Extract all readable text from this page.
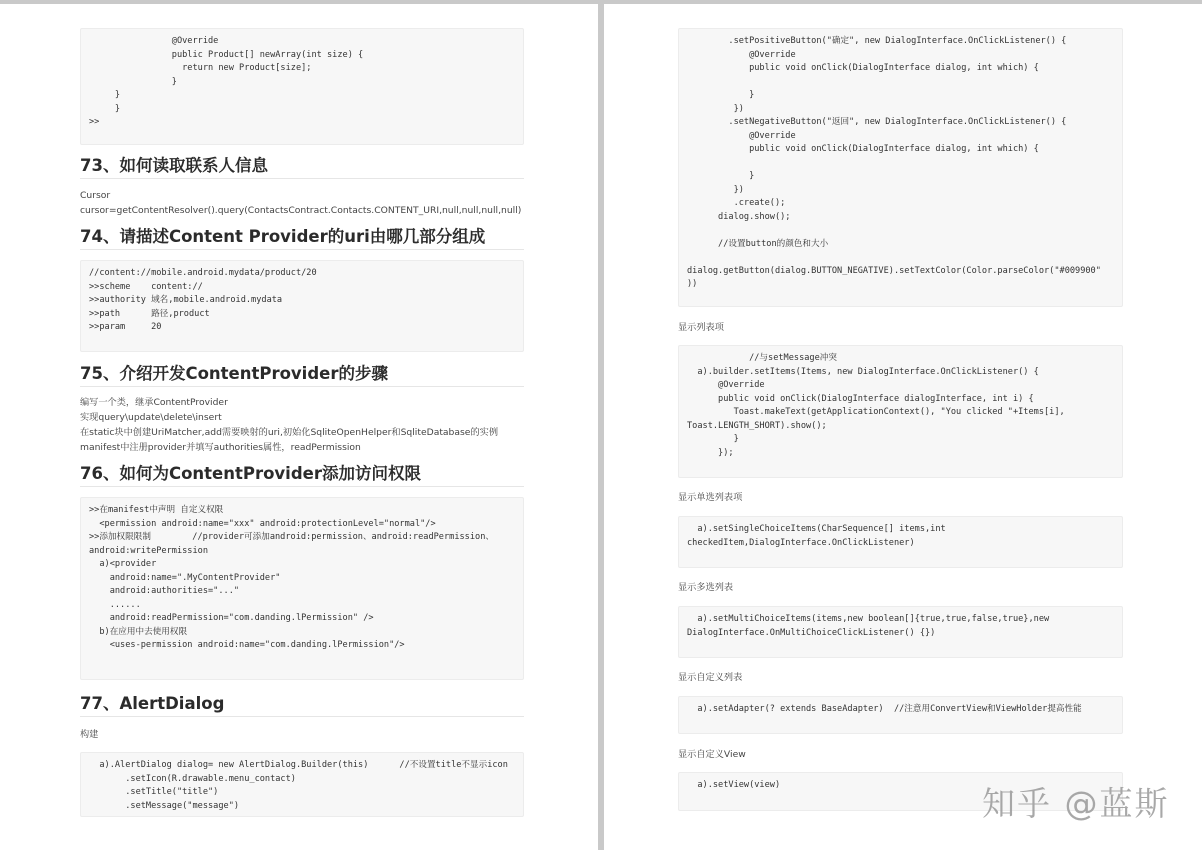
@Override
public Product[] newArray(int size) {
return new Product[size];
}
}
}
>>
73、如何读取联系人信息
Cursor
cursor=getContentResolver().query(ContactsContract.Contacts.CONTENT_URI,null,null,null,null)
74、请描述Content Provider的uri由哪几部分组成
//content://mobile.android.mydata/product/20
>>scheme    content://
>>authority 域名,mobile.android.mydata
>>path      路径,product
>>param     20
75、介绍开发ContentProvider的步骤
编写一个类，继承ContentProvider
实现query\update\delete\insert
在static块中创建UriMatcher,add需要映射的uri,初始化SqliteOpenHelper和SqliteDatabase的实例
manifest中注册provider并填写authorities属性，readPermission
76、如何为ContentProvider添加访问权限
>>在manifest中声明 自定义权限
<permission android:name="xxx" android:protectionLevel="normal"/>
>>添加权限限制        //provider可添加android:permission、android:readPermission、
android:writePermission
a)<provider
android:name=".MyContentProvider"
android:authorities="..."
......
android:readPermission="com.danding.lPermission" />
b)在应用中去使用权限
<uses-permission android:name="com.danding.lPermission"/>
77、AlertDialog
构建
a).AlertDialog dialog= new AlertDialog.Builder(this)      //不设置title不显示icon
.setIcon(R.drawable.menu_contact)
.setTitle("title")
.setMessage("message")
.setPositiveButton("确定", new DialogInterface.OnClickListener() {
@Override
public void onClick(DialogInterface dialog, int which) {
}
})
.setNegativeButton("返回", new DialogInterface.OnClickListener() {
@Override
public void onClick(DialogInterface dialog, int which) {
}
})
.create();
dialog.show();
//设置button的颜色和大小
dialog.getButton(dialog.BUTTON_NEGATIVE).setTextColor(Color.parseColor("#009900"
))
显示列表项
//与setMessage冲突
a).builder.setItems(Items, new DialogInterface.OnClickListener() {
@Override
public void onClick(DialogInterface dialogInterface, int i) {
Toast.makeText(getApplicationContext(), "You clicked "+Items[i],
Toast.LENGTH_SHORT).show();
}
});
显示单选列表项
a).setSingleChoiceItems(CharSequence[] items,int
checkedItem,DialogInterface.OnClickListener)
显示多选列表
a).setMultiChoiceItems(items,new boolean[]{true,true,false,true},new
DialogInterface.OnMultiChoiceClickListener() {})
显示自定义列表
a).setAdapter(? extends BaseAdapter)  //注意用ConvertView和ViewHolder提高性能
显示自定义View
a).setView(view)	知乎 @蓝斯
